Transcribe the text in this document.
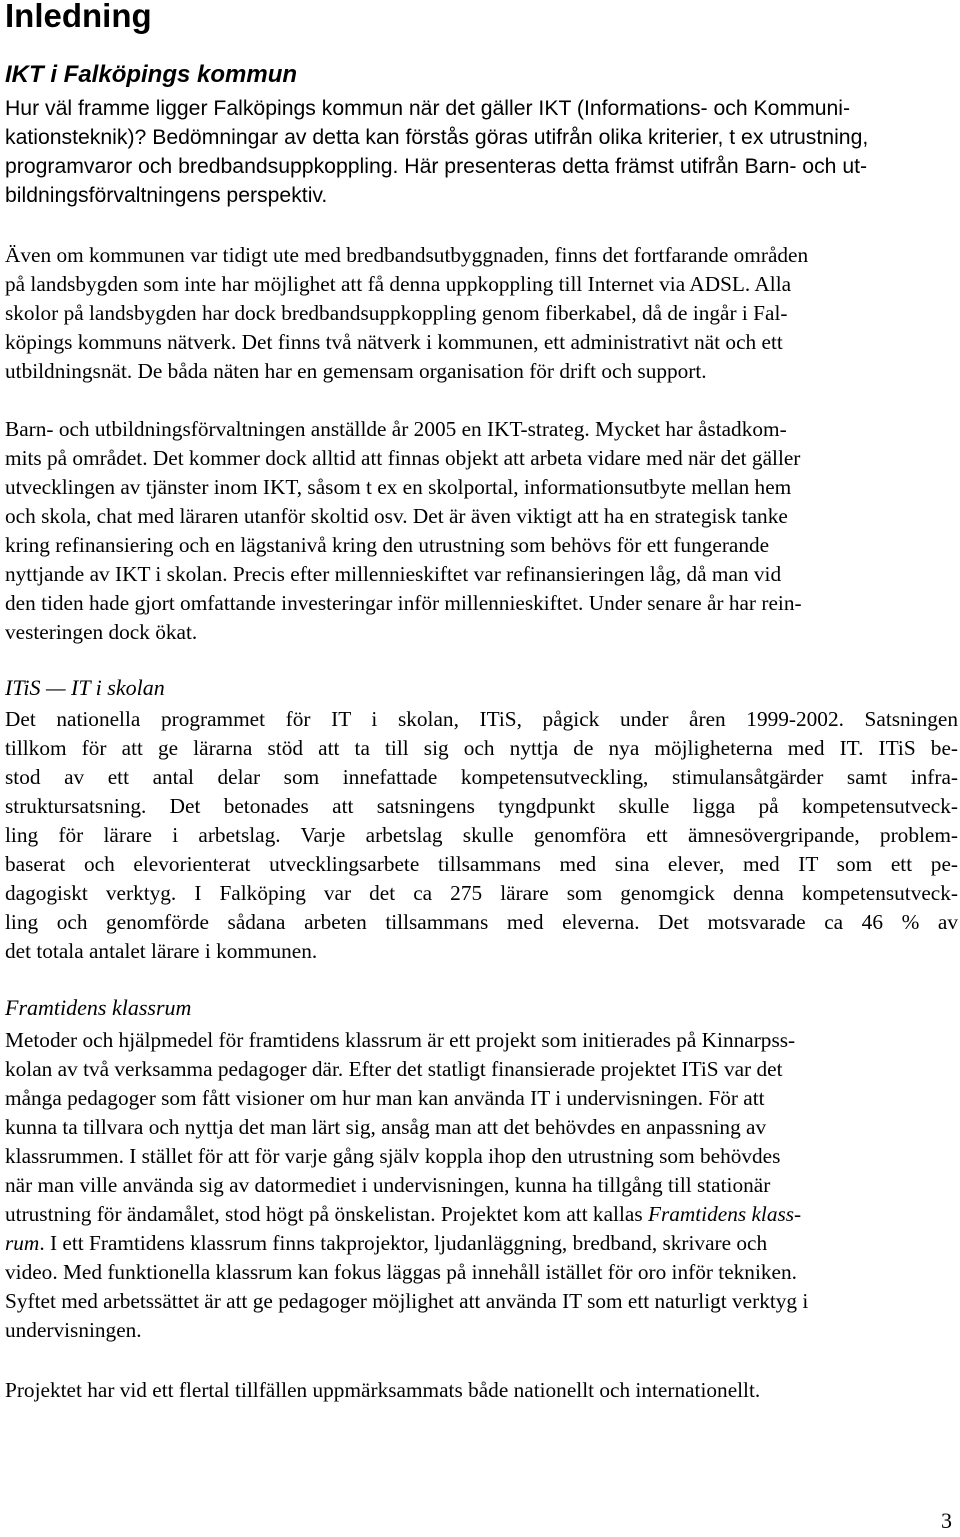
Inledning
IKT i Falköpings kommun

Hur väl framme ligger Falköpings kommun när det gäller IKT (Informations- och Kommuni-
kationsteknik)? Bedömningar av detta kan förstås göras utifrån olika kriterier, t ex utrustning,
programvaror och bredbandsuppkoppling. Här presenteras detta främst utifrån Barn- och ut-
bildningsförvaltningens perspektiv.

Även om kommunen var tidigt ute med bredbandsutbyggnaden, finns det fortfarande områden
på landsbygden som inte har möjlighet att få denna uppkoppling till Internet via ADSL. Alla
skolor på landsbygden har dock bredbandsuppkoppling genom fiberkabel, då de ingår i Fal-
köpings kommuns nätverk. Det finns två nätverk i kommunen, ett administrativt nät och ett
utbildningsnät. De båda näten har en gemensam organisation för drift och support.

Barn- och utbildningsförvaltningen anställde år 2005 en IKT-strateg. Mycket har åstadkom-
mits på området. Det kommer dock alltid att finnas objekt att arbeta vidare med när det gäller
utvecklingen av tjänster inom IKT, såsom t ex en skolportal, informationsutbyte mellan hem
och skola, chat med läraren utanför skoltid osv. Det är även viktigt att ha en strategisk tanke
kring refinansiering och en lägstanivå kring den utrustning som behövs för ett fungerande
nyttjande av IKT i skolan. Precis efter millennieskiftet var refinansieringen låg, då man vid
den tiden hade gjort omfattande investeringar inför millennieskiftet. Under senare år har rein-
vesteringen dock ökat.

ITiS — IT i skolan

Det nationella programmet för IT i skolan, ITiS, pågick under åren 1999-2002. Satsningen
tillkom för att ge lärarna stöd att ta till sig och nyttja de nya möjligheterna med IT. ITiS be-
stod av ett antal delar som innefattade kompetensutveckling, stimulansåtgärder samt infra-
struktursatsning. Det betonades att satsningens tyngdpunkt skulle ligga på kompetensutveck-
ling för lärare i arbetslag. Varje arbetslag skulle genomföra ett ämnesövergripande, problem-
baserat och elevorienterat utvecklingsarbete tillsammans med sina elever, med IT som ett pe-
dagogiskt verktyg. I Falköping var det ca 275 lärare som genomgick denna kompetensutveck-
ling och genomförde sådana arbeten tillsammans med eleverna. Det motsvarade ca 46 % av
det totala antalet lärare i kommunen.

Framtidens klassrum

Metoder och hjälpmedel för framtidens klassrum är ett projekt som initierades på Kinnarpss-
kolan av två verksamma pedagoger där. Efter det statligt finansierade projektet ITiS var det
många pedagoger som fått visioner om hur man kan använda IT i undervisningen. För att
kunna ta tillvara och nyttja det man lärt sig, ansåg man att det behövdes en anpassning av
klassrummen. I stället för att för varje gång själv koppla ihop den utrustning som behövdes
när man ville använda sig av datormediet i undervisningen, kunna ha tillgång till stationär
utrustning för ändamålet, stod högt på önskelistan. Projektet kom att kallas Framtidens klass-
rum. I ett Framtidens klassrum finns takprojektor, ljudanläggning, bredband, skrivare och
video. Med funktionella klassrum kan fokus läggas på innehåll istället för oro inför tekniken.
Syftet med arbetssättet är att ge pedagoger möjlighet att använda IT som ett naturligt verktyg i
undervisningen.

Projektet har vid ett flertal tillfällen uppmärksammats både nationellt och internationellt.

3
